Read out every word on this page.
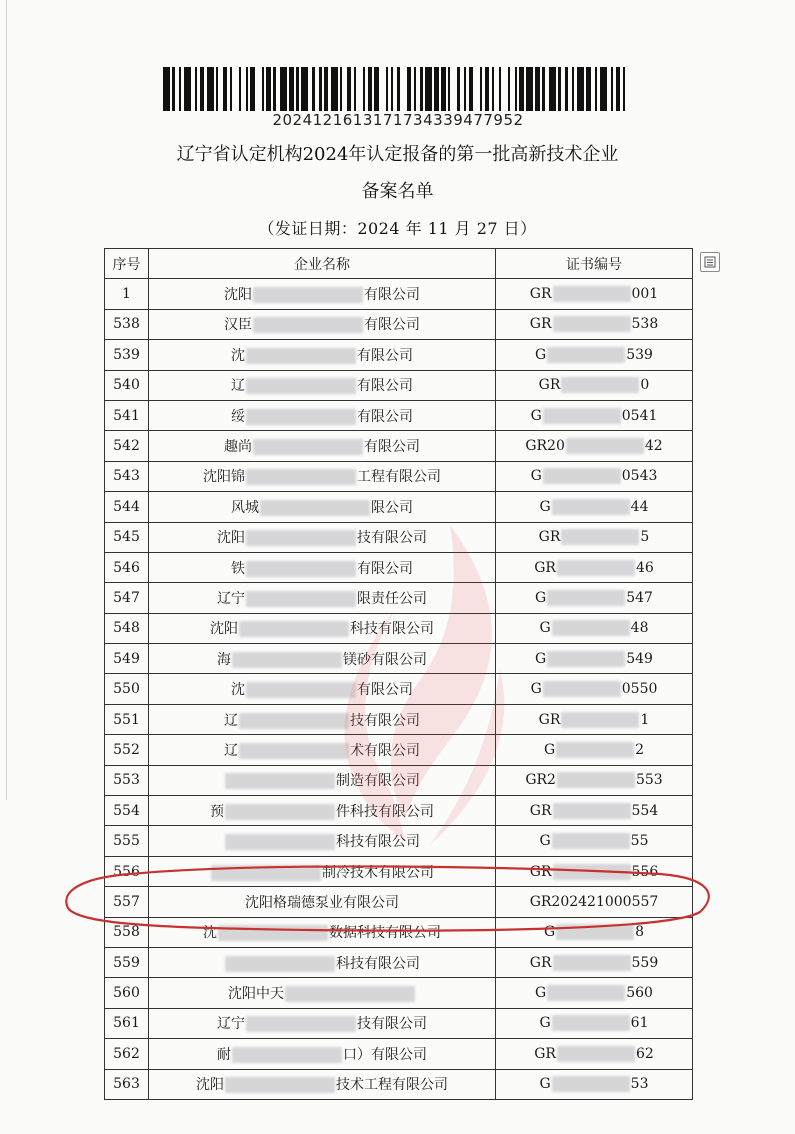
20241216131717343394779​52
辽宁省认定机构2024年认定报备的第一批高新技术企业
备案名单
（发证日期：2024 年 11 月 27 日）
序号	企业名称	证书编号
1	沈阳 有限公司	GR 001
538	汉臣 有限公司	GR 538
539	沈 有限公司	G 539
540	辽 有限公司	GR 0
541	绥 有限公司	G 0541
542	趣尚 有限公司	GR20 42
543	沈阳锦 工程有限公司	G 0543
544	风城 限公司	G 44
545	沈阳 技有限公司	GR 5
546	铁 有限公司	GR 46
547	辽宁 限责任公司	G 547
548	沈阳 科技有限公司	G 48
549	海 镁砂有限公司	G 549
550	沈 有限公司	G 0550
551	辽 技有限公司	GR 1
552	辽 术有限公司	G 2
553	制造有限公司	GR2 553
554	预 件科技有限公司	GR 554
555	科技有限公司	G 55
556	制冷技术有限公司	GR 556
557	沈阳格瑞德泵业有限公司	GR202421000557
558	沈 数据科技有限公司	G 8
559	科技有限公司	GR 559
560	沈阳中天	G 560
561	辽宁 技有限公司	G 61
562	耐 口）有限公司	GR 62
563	沈阳 技术工程有限公司	G 53
